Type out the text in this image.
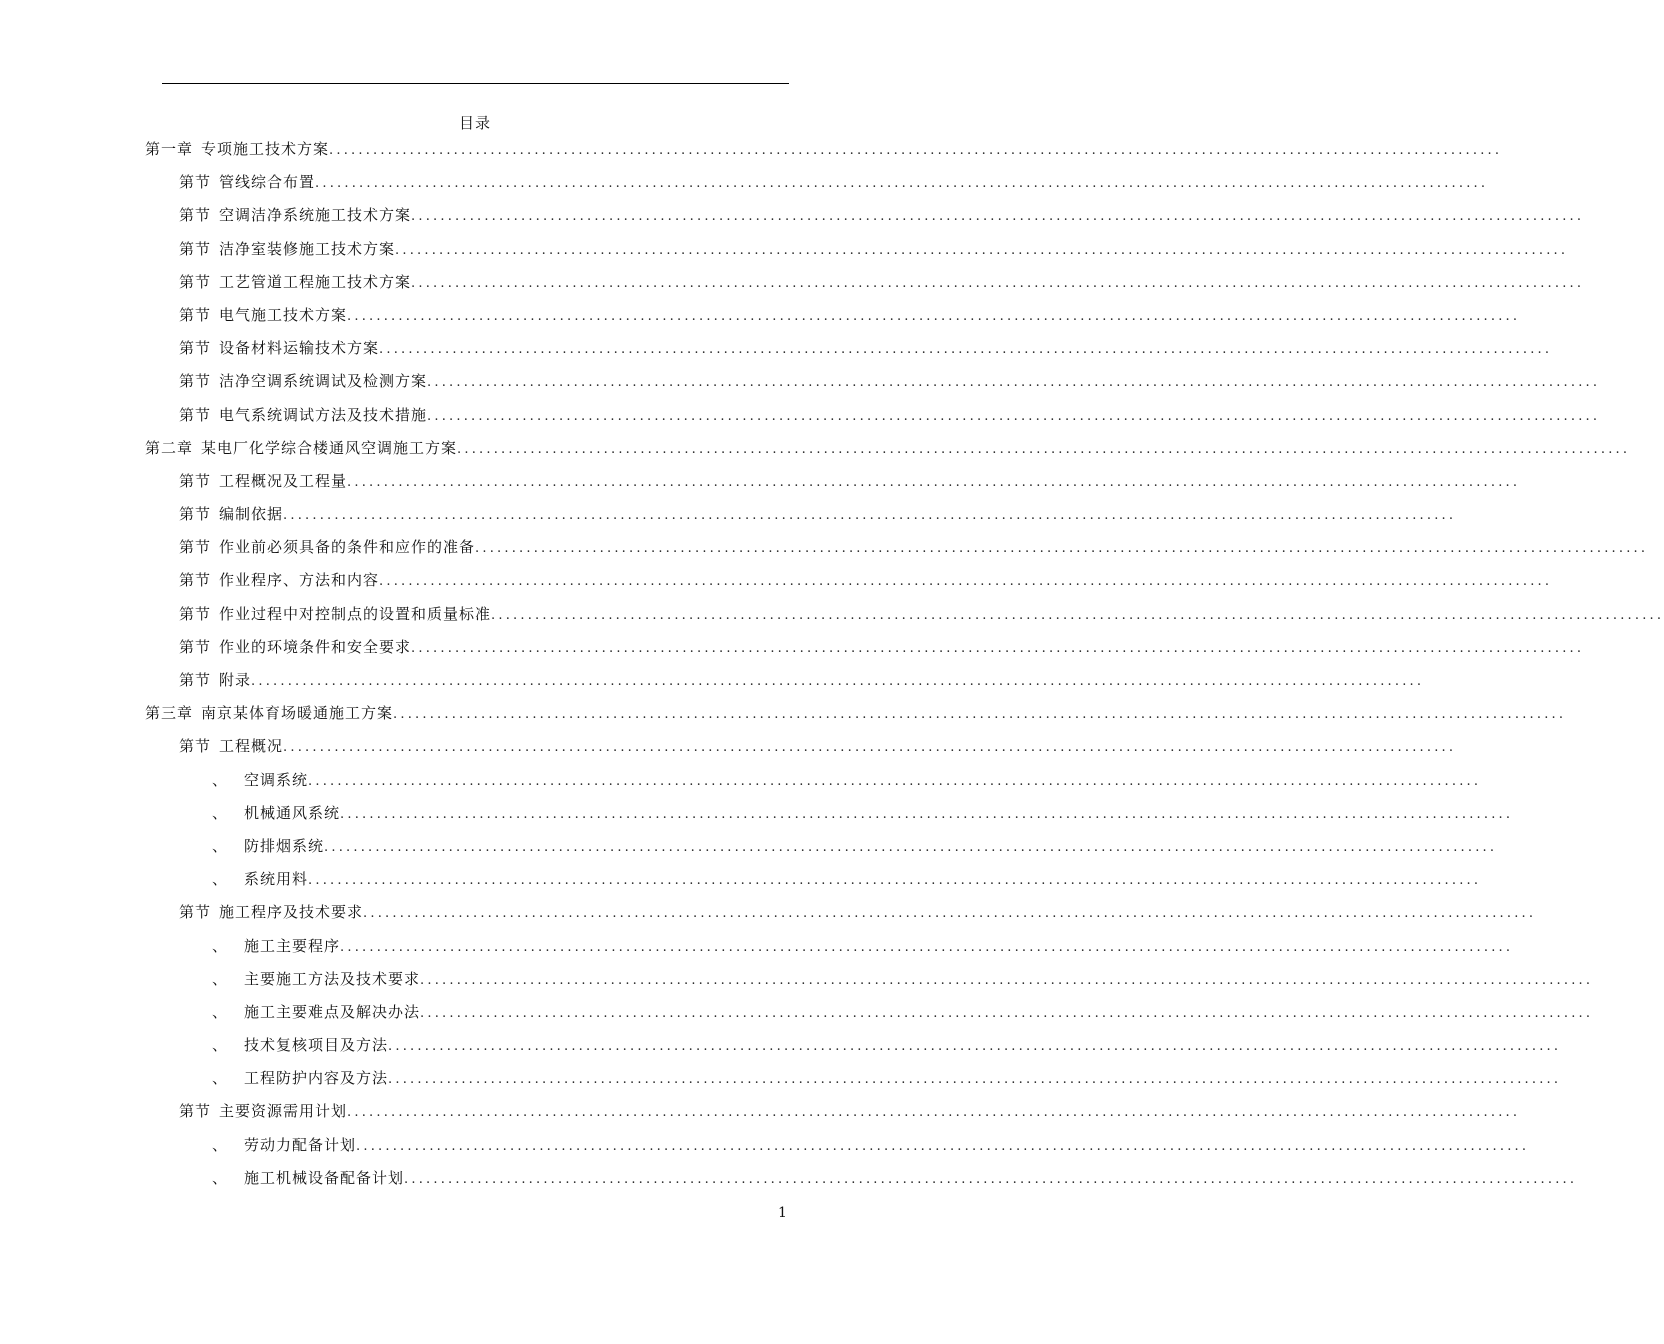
目录
第一章 专项施工技术方案 ................................................................................................................................................................
第节 管线综合布置 ................................................................................................................................................................
第节 空调洁净系统施工技术方案 ................................................................................................................................................................
第节 洁净室装修施工技术方案 ................................................................................................................................................................
第节 工艺管道工程施工技术方案 ................................................................................................................................................................
第节 电气施工技术方案 ................................................................................................................................................................
第节 设备材料运输技术方案 ................................................................................................................................................................
第节 洁净空调系统调试及检测方案 ................................................................................................................................................................
第节 电气系统调试方法及技术措施 ................................................................................................................................................................
第二章 某电厂化学综合楼通风空调施工方案 ................................................................................................................................................................
第节 工程概况及工程量 ................................................................................................................................................................
第节 编制依据 ................................................................................................................................................................
第节 作业前必须具备的条件和应作的准备 ................................................................................................................................................................
第节 作业程序、方法和内容 ................................................................................................................................................................
第节 作业过程中对控制点的设置和质量标准 ................................................................................................................................................................
第节 作业的环境条件和安全要求 ................................................................................................................................................................
第节 附录 ................................................................................................................................................................
第三章 南京某体育场暖通施工方案 ................................................................................................................................................................
第节 工程概况 ................................................................................................................................................................
、 空调系统 ................................................................................................................................................................
、 机械通风系统 ................................................................................................................................................................
、 防排烟系统 ................................................................................................................................................................
、 系统用料 ................................................................................................................................................................
第节 施工程序及技术要求 ................................................................................................................................................................
、 施工主要程序 ................................................................................................................................................................
、 主要施工方法及技术要求 ................................................................................................................................................................
、 施工主要难点及解决办法 ................................................................................................................................................................
、 技术复核项目及方法 ................................................................................................................................................................
、 工程防护内容及方法 ................................................................................................................................................................
第节 主要资源需用计划 ................................................................................................................................................................
、 劳动力配备计划 ................................................................................................................................................................
、 施工机械设备配备计划 ................................................................................................................................................................
1
